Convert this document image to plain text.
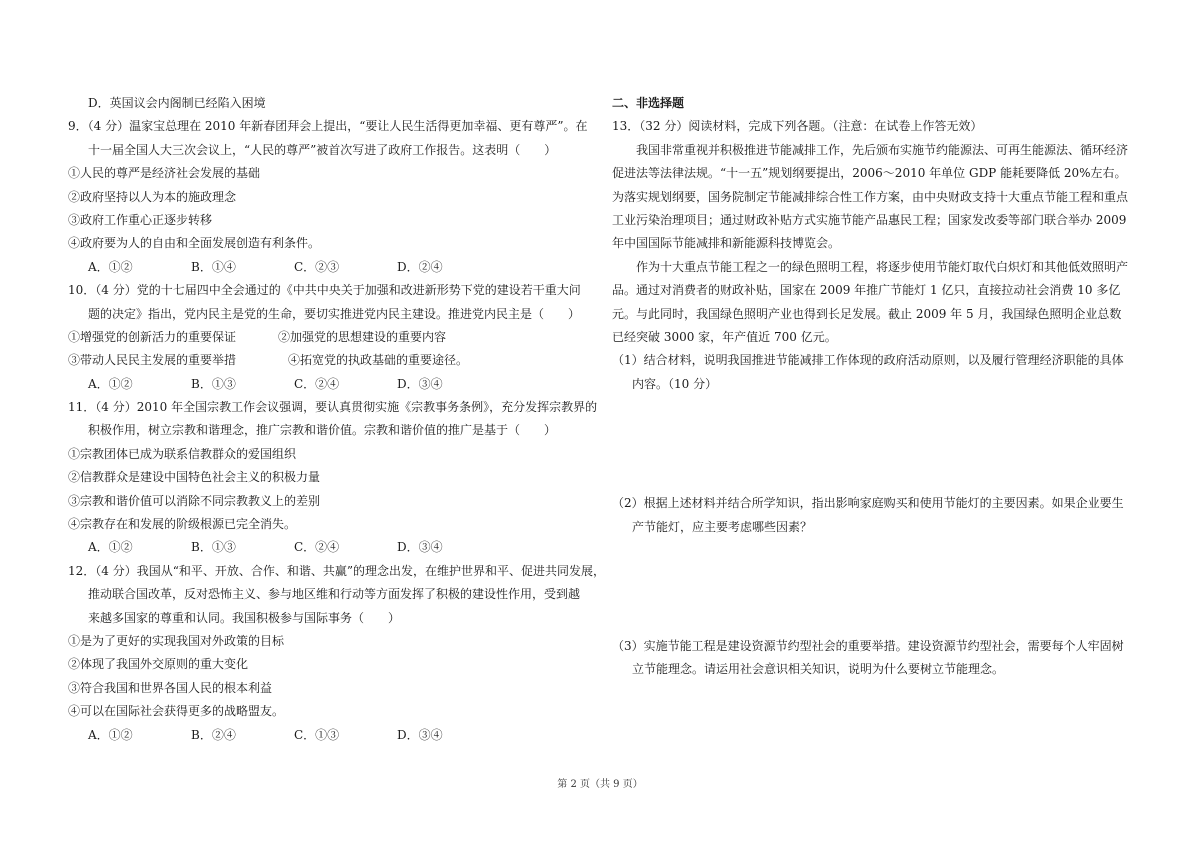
D．英国议会内阁制已经陷入困境
9．（4 分）温家宝总理在 2010 年新春团拜会上提出，“要让人民生活得更加幸福、更有尊严”。在
十一届全国人大三次会议上，“人民的尊严”被首次写进了政府工作报告。这表明（　　）
①人民的尊严是经济社会发展的基础
②政府坚持以人为本的施政理念
③政府工作重心正逐步转移
④政府要为人的自由和全面发展创造有利条件。
A．①②	B．①④	C．②③	D．②④
10．（4 分）党的十七届四中全会通过的《中共中央关于加强和改进新形势下党的建设若干重大问
题的决定》指出，党内民主是党的生命，要切实推进党内民主建设。推进党内民主是（　　）
①增强党的创新活力的重要保证	②加强党的思想建设的重要内容
③带动人民民主发展的重要举措	④拓宽党的执政基础的重要途径。
A．①②	B．①③	C．②④	D．③④
11．（4 分）2010 年全国宗教工作会议强调，要认真贯彻实施《宗教事务条例》，充分发挥宗教界的
积极作用，树立宗教和谐理念，推广宗教和谐价值。宗教和谐价值的推广是基于（　　）
①宗教团体已成为联系信教群众的爱国组织
②信教群众是建设中国特色社会主义的积极力量
③宗教和谐价值可以消除不同宗教教义上的差别
④宗教存在和发展的阶级根源已完全消失。
A．①②	B．①③	C．②④	D．③④
12．（4 分）我国从“和平、开放、合作、和谐、共赢”的理念出发，在维护世界和平、促进共同发展，
推动联合国改革，反对恐怖主义、参与地区维和行动等方面发挥了积极的建设性作用，受到越
来越多国家的尊重和认同。我国积极参与国际事务（　　）
①是为了更好的实现我国对外政策的目标
②体现了我国外交原则的重大变化
③符合我国和世界各国人民的根本利益
④可以在国际社会获得更多的战略盟友。
A．①②	B．②④	C．①③	D．③④
二、非选择题
13．（32 分）阅读材料，完成下列各题。（注意：在试卷上作答无效）
我国非常重视并积极推进节能减排工作，先后颁布实施节约能源法、可再生能源法、循环经济促进法等法律法规。“十一五”规划纲要提出，2006～2010 年单位 GDP 能耗要降低 20%左右。为落实规划纲要，国务院制定节能减排综合性工作方案，由中央财政支持十大重点节能工程和重点工业污染治理项目；通过财政补贴方式实施节能产品惠民工程；国家发改委等部门联合举办 2009 年中国国际节能减排和新能源科技博览会。
作为十大重点节能工程之一的绿色照明工程，将逐步使用节能灯取代白炽灯和其他低效照明产品。通过对消费者的财政补贴，国家在 2009 年推广节能灯 1 亿只，直接拉动社会消费 10 多亿元。与此同时，我国绿色照明产业也得到长足发展。截止 2009 年 5 月，我国绿色照明企业总数已经突破 3000 家，年产值近 700 亿元。
（1）结合材料，说明我国推进节能减排工作体现的政府活动原则，以及履行管理经济职能的具体内容。（10 分）
（2）根据上述材料并结合所学知识，指出影响家庭购买和使用节能灯的主要因素。如果企业要生产节能灯，应主要考虑哪些因素？
（3）实施节能工程是建设资源节约型社会的重要举措。建设资源节约型社会，需要每个人牢固树立节能理念。请运用社会意识相关知识，说明为什么要树立节能理念。
第 2 页（共 9 页）
